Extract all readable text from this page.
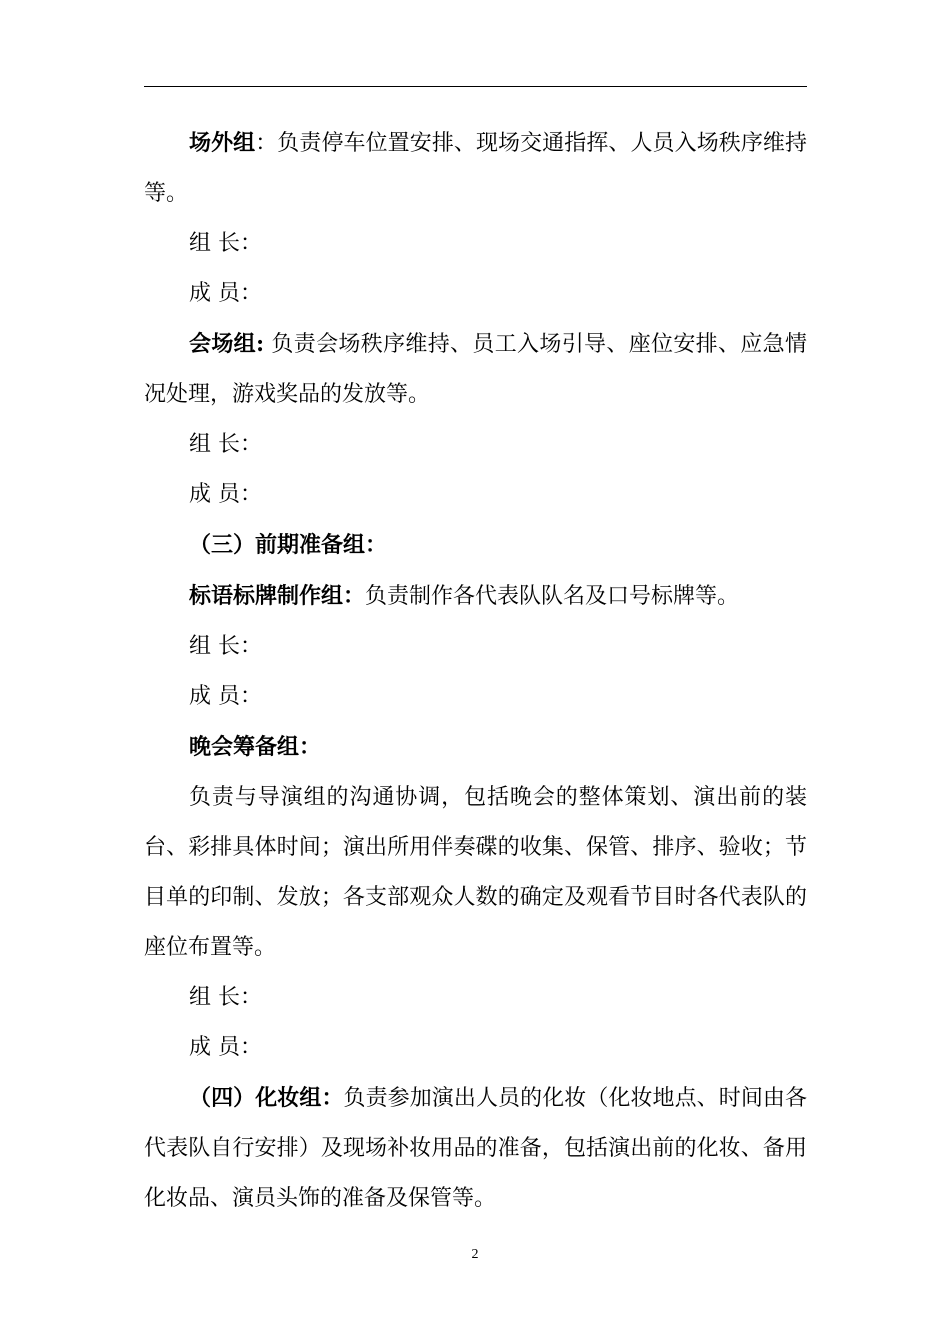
场外组：负责停车位置安排、现场交通指挥、人员入场秩序维持等。

组 长：

成 员：

会场组: 负责会场秩序维持、员工入场引导、座位安排、应急情况处理，游戏奖品的发放等。

组 长：

成 员：

（三）前期准备组：

标语标牌制作组：负责制作各代表队队名及口号标牌等。

组 长：

成 员：

晚会筹备组：

负责与导演组的沟通协调，包括晚会的整体策划、演出前的装台、彩排具体时间；演出所用伴奏碟的收集、保管、排序、验收；节目单的印制、发放；各支部观众人数的确定及观看节目时各代表队的座位布置等。

组 长：

成 员：

（四）化妆组：负责参加演出人员的化妆（化妆地点、时间由各代表队自行安排）及现场补妆用品的准备，包括演出前的化妆、备用化妆品、演员头饰的准备及保管等。

2
